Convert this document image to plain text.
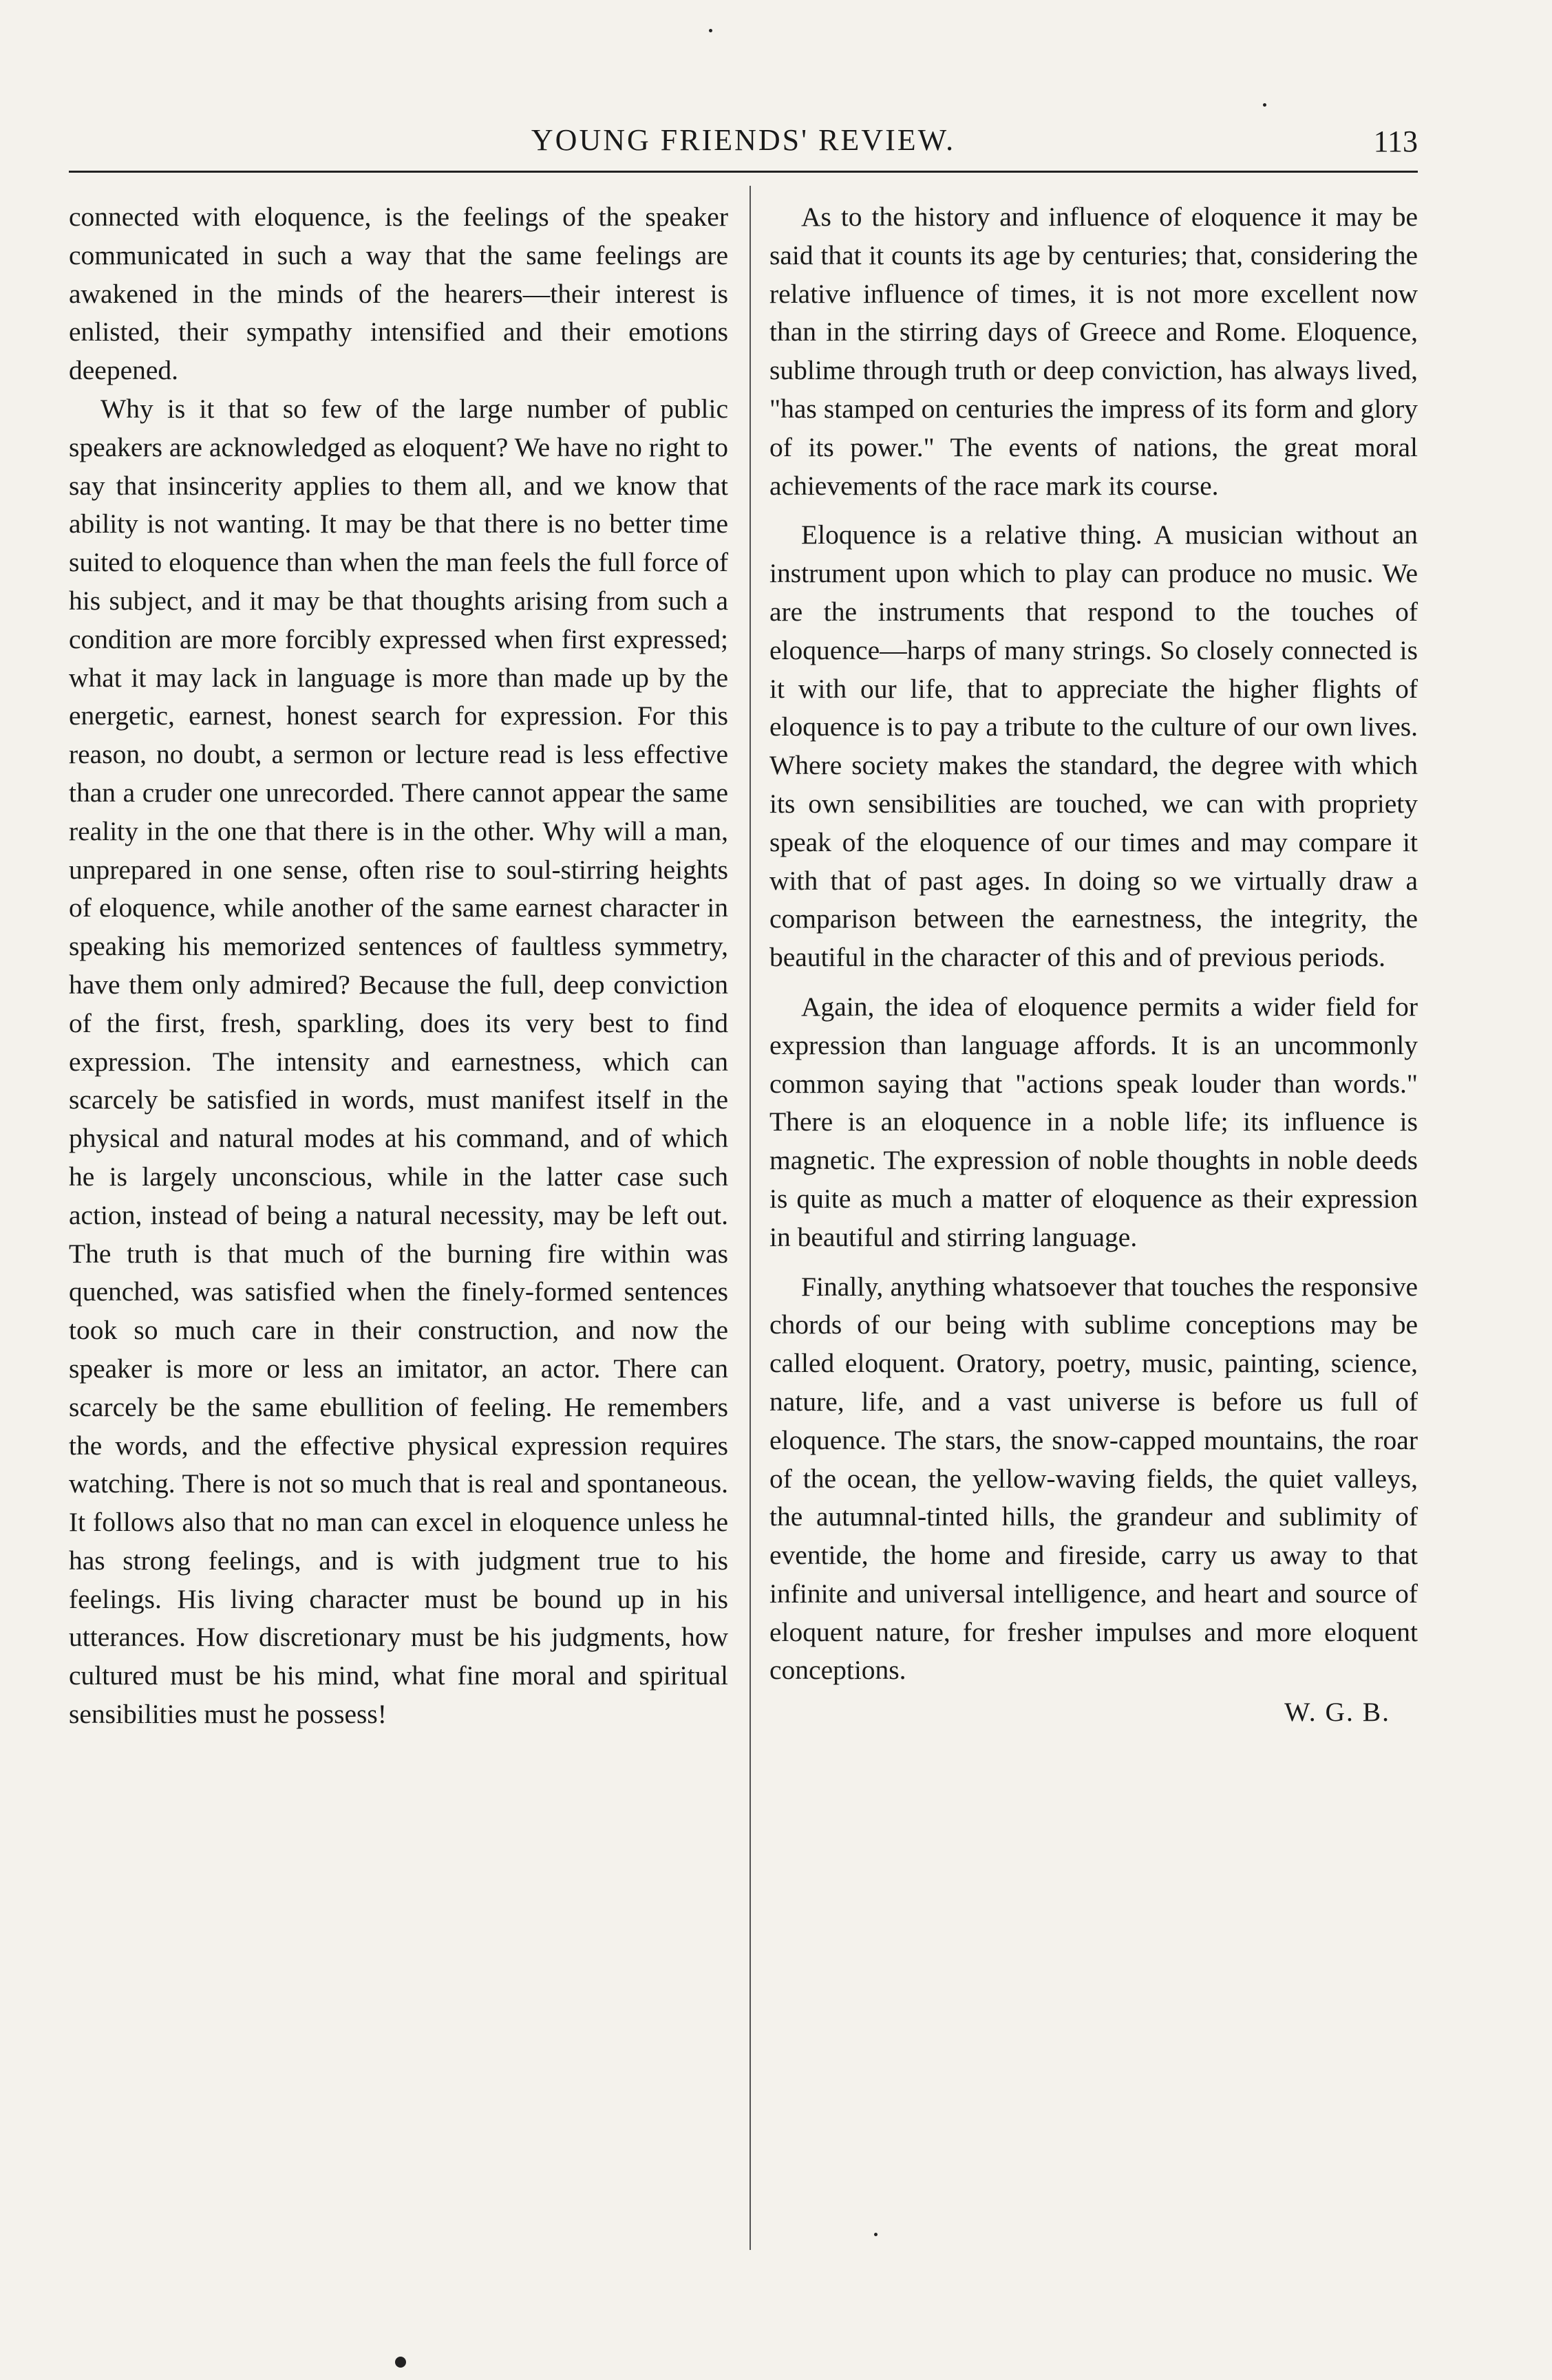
YOUNG FRIENDS' REVIEW.	113

connected with eloquence, is the feelings of the speaker communicated in such a way that the same feelings are awakened in the minds of the hearers—their interest is enlisted, their sympathy intensified and their emotions deepened.

Why is it that so few of the large number of public speakers are acknowledged as eloquent? We have no right to say that insincerity applies to them all, and we know that ability is not wanting. It may be that there is no better time suited to eloquence than when the man feels the full force of his subject, and it may be that thoughts arising from such a condition are more forcibly expressed when first expressed; what it may lack in language is more than made up by the energetic, earnest, honest search for expression. For this reason, no doubt, a sermon or lecture read is less effective than a cruder one unrecorded. There cannot appear the same reality in the one that there is in the other. Why will a man, unprepared in one sense, often rise to soul-stirring heights of eloquence, while another of the same earnest character in speaking his memorized sentences of faultless symmetry, have them only admired? Because the full, deep conviction of the first, fresh, sparkling, does its very best to find expression. The intensity and earnestness, which can scarcely be satisfied in words, must manifest itself in the physical and natural modes at his command, and of which he is largely unconscious, while in the latter case such action, instead of being a natural necessity, may be left out. The truth is that much of the burning fire within was quenched, was satisfied when the finely-formed sentences took so much care in their construction, and now the speaker is more or less an imitator, an actor. There can scarcely be the same ebullition of feeling. He remembers the words, and the effective physical expression requires watching. There is not so much that is real and spontaneous. It follows also that no man can excel in eloquence unless he has strong feelings, and is with judgment true to his feelings. His living character must be bound up in his utterances. How discretionary must be his judgments, how cultured must be his mind, what fine moral and spiritual sensibilities must he possess!

As to the history and influence of eloquence it may be said that it counts its age by centuries; that, considering the relative influence of times, it is not more excellent now than in the stirring days of Greece and Rome. Eloquence, sublime through truth or deep conviction, has always lived, "has stamped on centuries the impress of its form and glory of its power." The events of nations, the great moral achievements of the race mark its course.

Eloquence is a relative thing. A musician without an instrument upon which to play can produce no music. We are the instruments that respond to the touches of eloquence—harps of many strings. So closely connected is it with our life, that to appreciate the higher flights of eloquence is to pay a tribute to the culture of our own lives. Where society makes the standard, the degree with which its own sensibilities are touched, we can with propriety speak of the eloquence of our times and may compare it with that of past ages. In doing so we virtually draw a comparison between the earnestness, the integrity, the beautiful in the character of this and of previous periods.

Again, the idea of eloquence permits a wider field for expression than language affords. It is an uncommonly common saying that "actions speak louder than words." There is an eloquence in a noble life; its influence is magnetic. The expression of noble thoughts in noble deeds is quite as much a matter of eloquence as their expression in beautiful and stirring language.

Finally, anything whatsoever that touches the responsive chords of our being with sublime conceptions may be called eloquent. Oratory, poetry, music, painting, science, nature, life, and a vast universe is before us full of eloquence. The stars, the snow-capped mountains, the roar of the ocean, the yellow-waving fields, the quiet valleys, the autumnal-tinted hills, the grandeur and sublimity of eventide, the home and fireside, carry us away to that infinite and universal intelligence, and heart and source of eloquent nature, for fresher impulses and more eloquent conceptions.

W. G. B.
